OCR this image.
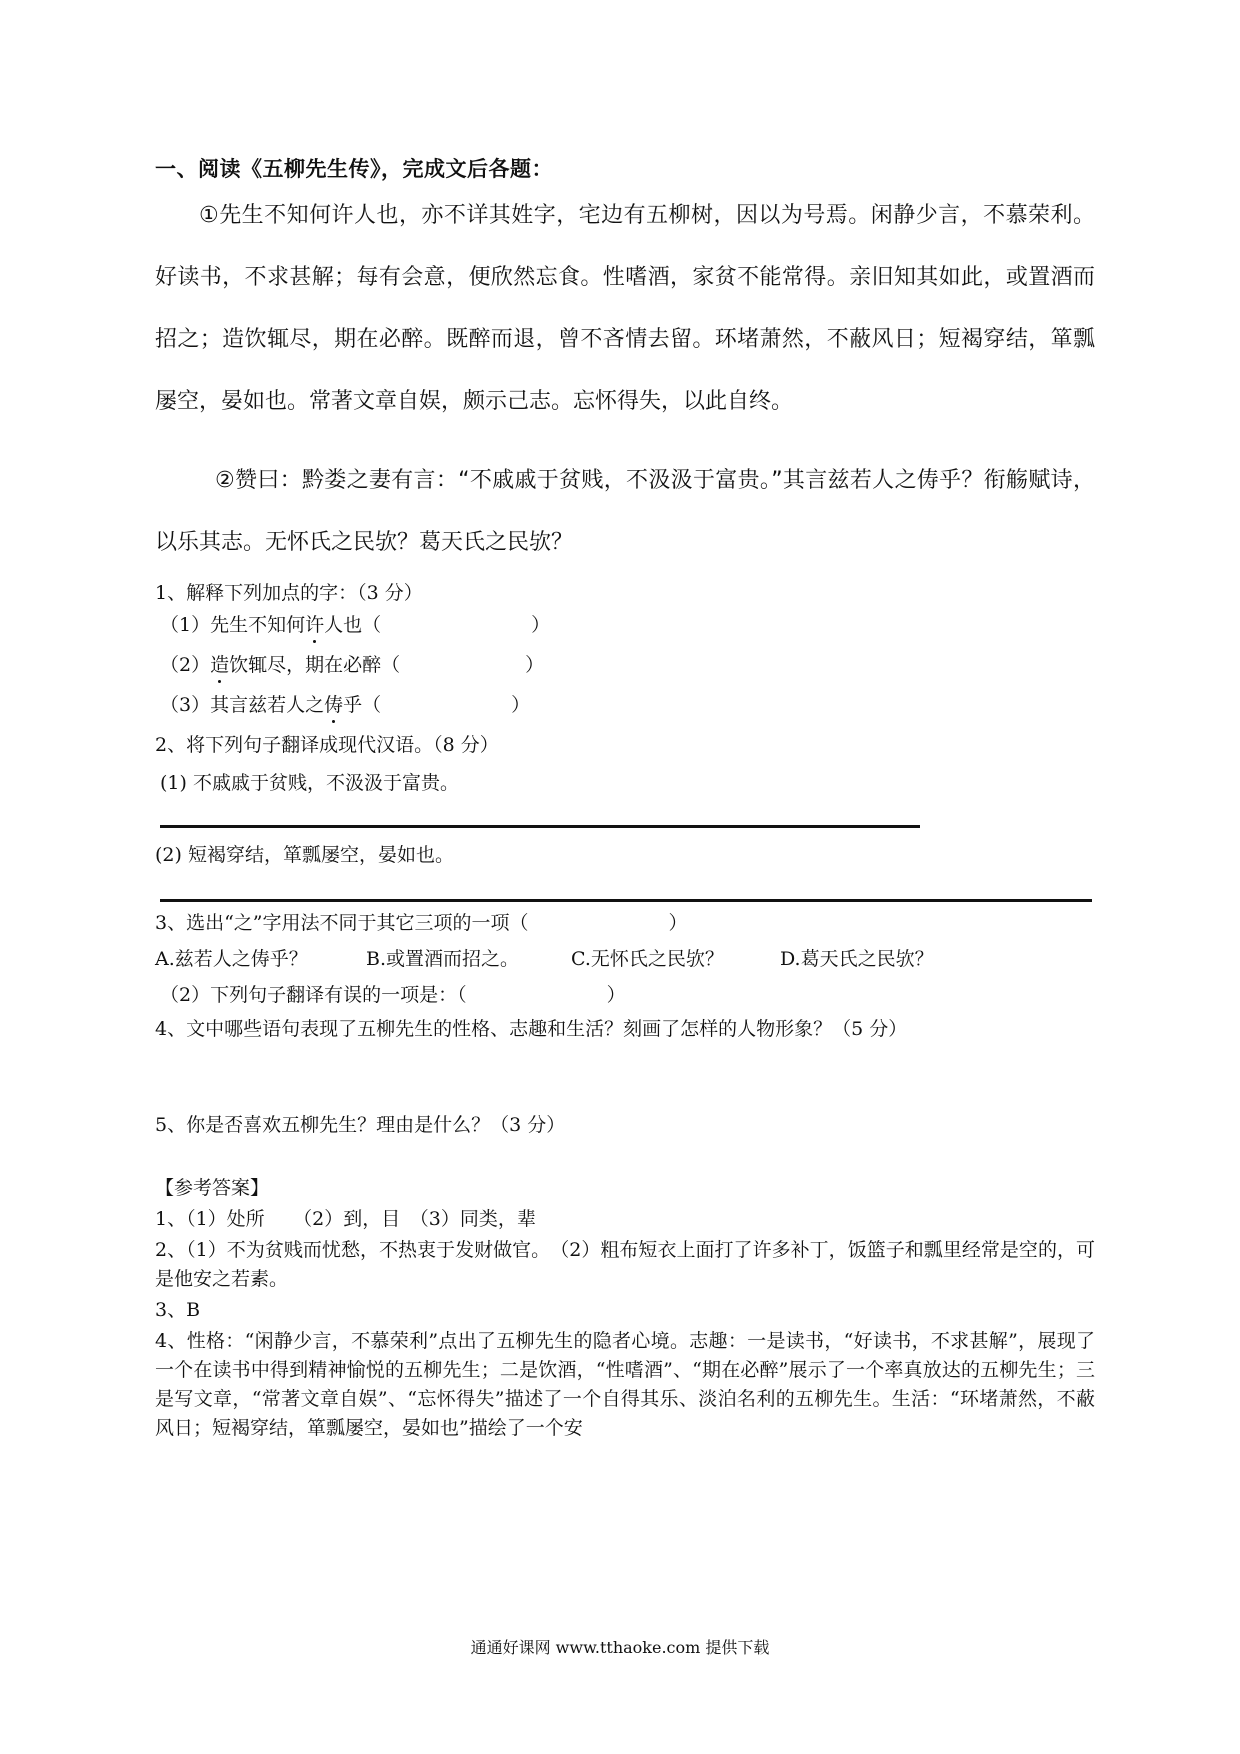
一、阅读《五柳先生传》，完成文后各题：
①先生不知何许人也，亦不详其姓字，宅边有五柳树，因以为号焉。闲静少言，不慕荣利。好读书，不求甚解；每有会意，便欣然忘食。性嗜酒，家贫不能常得。亲旧知其如此，或置酒而招之；造饮辄尽，期在必醉。既醉而退，曾不吝情去留。环堵萧然，不蔽风日；短褐穿结，箪瓢屡空，晏如也。常著文章自娱，颇示己志。忘怀得失，以此自终。
②赞曰：黔娄之妻有言：“不戚戚于贫贱，不汲汲于富贵。”其言兹若人之俦乎？衔觞赋诗，以乐其志。无怀氏之民欤？葛天氏之民欤？
1、解释下列加点的字：（3 分）
（1）先生不知何许人也（	）
（2）造饮辄尽，期在必醉（	）
（3）其言兹若人之俦乎（	）
2、将下列句子翻译成现代汉语。（8 分）
(1) 不戚戚于贫贱，不汲汲于富贵。
(2) 短褐穿结，箪瓢屡空，晏如也。
3、选出“之”字用法不同于其它三项的一项（	）
A.兹若人之俦乎？	B.或置酒而招之。	C.无怀氏之民欤？	D.葛天氏之民欤？
（2）下列句子翻译有误的一项是：（	）
4、文中哪些语句表现了五柳先生的性格、志趣和生活？刻画了怎样的人物形象？（5 分）
5、你是否喜欢五柳先生？理由是什么？（3 分）
【参考答案】
1、（1）处所　　（2）到，目　（3）同类，辈
2、（1）不为贫贱而忧愁，不热衷于发财做官。　（2）粗布短衣上面打了许多补丁，饭篮子和瓢里经常是空的，可是他安之若素。
3、B
4、性格：“闲静少言，不慕荣利”点出了五柳先生的隐者心境。志趣：一是读书，“好读书，不求甚解”，展现了一个在读书中得到精神愉悦的五柳先生；二是饮酒，“性嗜酒”、“期在必醉”展示了一个率真放达的五柳先生；三是写文章，“常著文章自娱”、“忘怀得失”描述了一个自得其乐、淡泊名利的五柳先生。生活：“环堵萧然，不蔽风日；短褐穿结，箪瓢屡空，晏如也”描绘了一个安
通通好课网 www.tthaoke.com 提供下载
